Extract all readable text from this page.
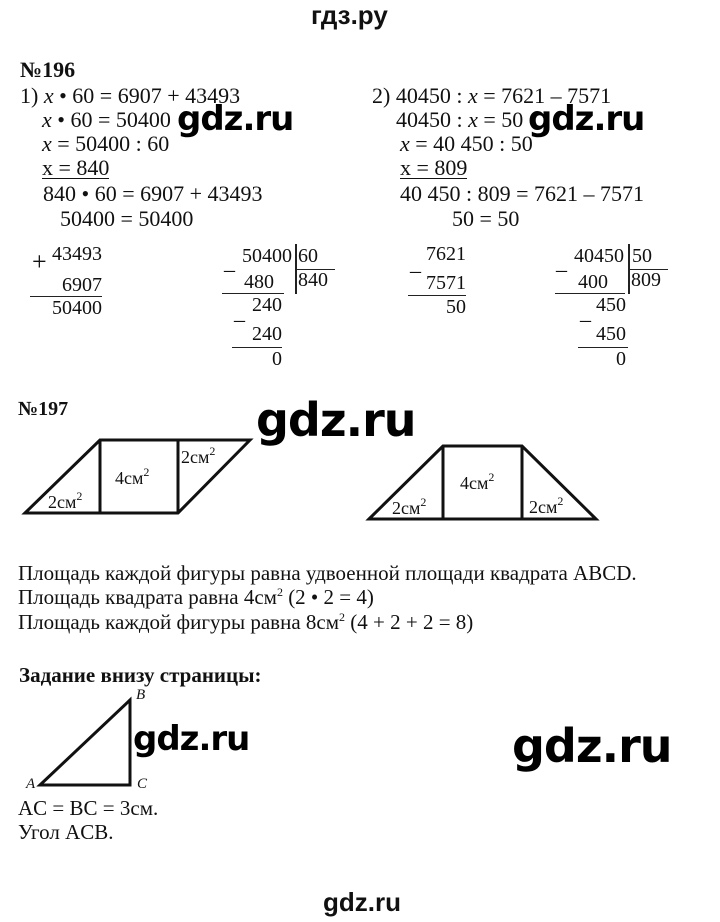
гдз.ру
№196
1) x • 60 = 6907 + 43493
x • 60 = 50400
x = 50400 : 60
x = 840
840 • 60 = 6907 + 43493
50400 = 50400
2) 40450 : x = 7621 – 7571
40450 : x = 50
x = 40 450 : 50
x = 809
40 450 : 809 = 7621 – 7571
50 = 50
+ 43493
6907
50400
50400
_	60
840
480
240
_
240
0
_ 7621
7571
50
40450
_	50
809
400
450
_
450
0
№197
$2см^2$
$4см^2$
$2см^2$
$2см^2$
$4см^2$
$2см^2$
Площадь каждой фигуры равна удвоенной площади квадрата ABCD.
Площадь квадрата равна $4см^2$ (2 • 2 = 4)
Площадь каждой фигуры равна $8см^2$ (4 + 2 + 2 = 8)
Задание внизу страницы:
B
A	C
AC = BC = 3см.
Угол ACB.
gdz.ru	gdz.ru
gdz.ru
gdz.ru	gdz.ru
gdz.ru
